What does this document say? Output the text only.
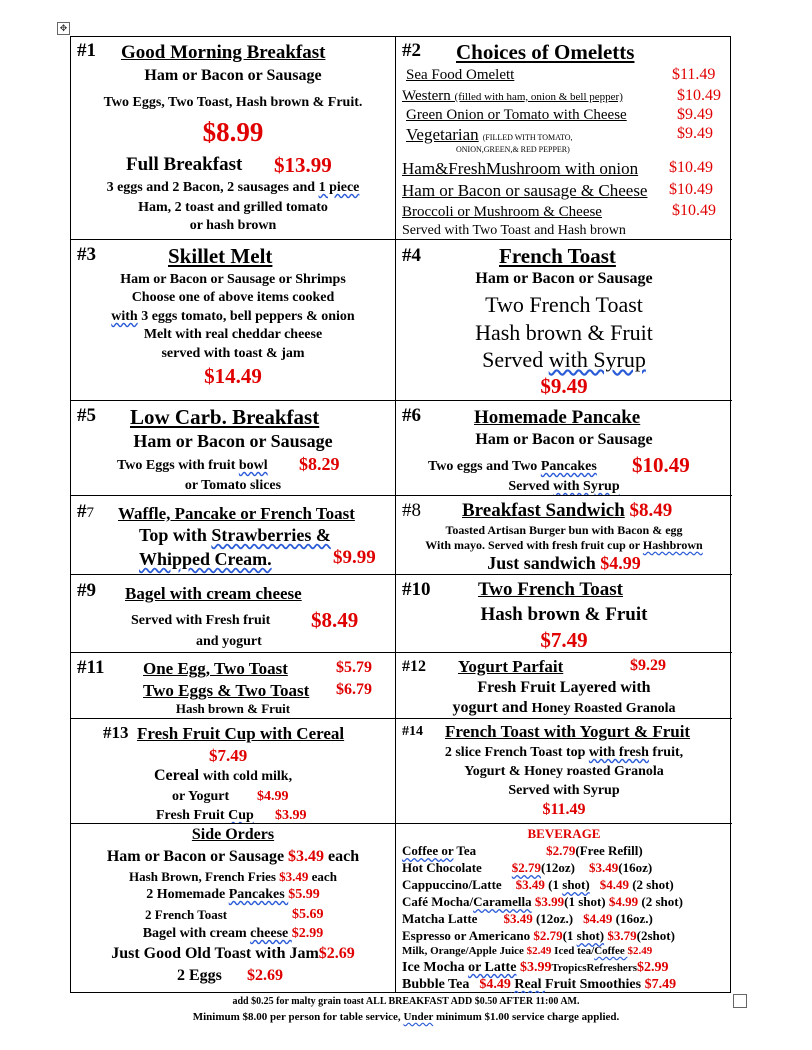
✥
#1 Good Morning Breakfast
Ham or Bacon or Sausage
Two Eggs, Two Toast, Hash brown & Fruit.
$8.99
Full Breakfast $13.99
3 eggs and 2 Bacon, 2 sausages and 1 piece
Ham, 2 toast and grilled tomato
or hash brown
#2 Choices of Omeletts
Sea Food Omelett	$11.49
Western (filled with ham, onion & bell pepper)	$10.49
Green Onion or Tomato with Cheese	$9.49
Vegetarian (FILLED WITH TOMATO,
ONION,GREEN,& RED PEPPER)
$9.49
Ham&FreshMushroom with onion $10.49
Ham or Bacon or sausage & Cheese $10.49
Broccoli or Mushroom & Cheese	$10.49
Served with Two Toast and Hash brown
#3	Skillet Melt
Ham or Bacon or Sausage or Shrimps
Choose one of above items cooked
with 3 eggs tomato, bell peppers & onion
Melt with real cheddar cheese
served with toast & jam
$14.49
#4	French Toast
Ham or Bacon or Sausage
Two French Toast
Hash brown & Fruit
Served with Syrup
$9.49
#5 Low Carb. Breakfast
Ham or Bacon or Sausage
Two Eggs with fruit bowl $8.29
or Tomato slices
#6	Homemade Pancake
Ham or Bacon or Sausage
Two eggs and Two Pancakes $10.49
Served with Syrup
#7 Waffle, Pancake or French Toast
Top with Strawberries &
Whipped Cream.	$9.99
#8 Breakfast Sandwich $8.49
Toasted Artisan Burger bun with Bacon & egg
With mayo. Served with fresh fruit cup or Hashbrown
Just sandwich $4.99
#9 Bagel with cream cheese
Served with Fresh fruit $8.49
and yogurt
#10	Two French Toast
Hash brown & Fruit
$7.49
#11 One Egg, Two Toast	$5.79
Two Eggs & Two Toast $6.79
Hash brown & Fruit
#12 Yogurt Parfait	$9.29
Fresh Fruit Layered with
yogurt and Honey Roasted Granola
#13 Fresh Fruit Cup with Cereal
$7.49
Cereal with cold milk,
or Yogurt $4.99
Fresh Fruit Cup $3.99
#14 French Toast with Yogurt & Fruit
2 slice French Toast top with fresh fruit,
Yogurt & Honey roasted Granola
Served with Syrup
$11.49
Side Orders
Ham or Bacon or Sausage $3.49 each
Hash Brown, French Fries $3.49 each
2 Homemade Pancakes $5.99
2 French Toast	$5.69
Bagel with cream cheese $2.99
Just Good Old Toast with Jam$2.69
2 Eggs $2.69
BEVERAGE
Coffee or Tea	$2.79(Free Refill)
Hot Chocolate $2.79(12oz) $3.49(16oz)
Cappuccino/Latte $3.49 (1 shot) $4.49 (2 shot)
Café Mocha/Caramella $3.99(1 shot) $4.99 (2 shot)
Matcha Latte $3.49 (12oz.) $4.49 (16oz.)
Espresso or Americano $2.79(1 shot) $3.79(2shot)
Milk, Orange/Apple Juice $2.49 Iced tea/Coffee $2.49
Ice Mocha or Latte $3.99TropicsRefreshers$2.99
Bubble Tea $4.49 Real Fruit Smoothies $7.49
add $0.25 for malty grain toast ALL BREAKFAST ADD $0.50 AFTER 11:00 AM.
Minimum $8.00 per person for table service, Under minimum $1.00 service charge applied.
